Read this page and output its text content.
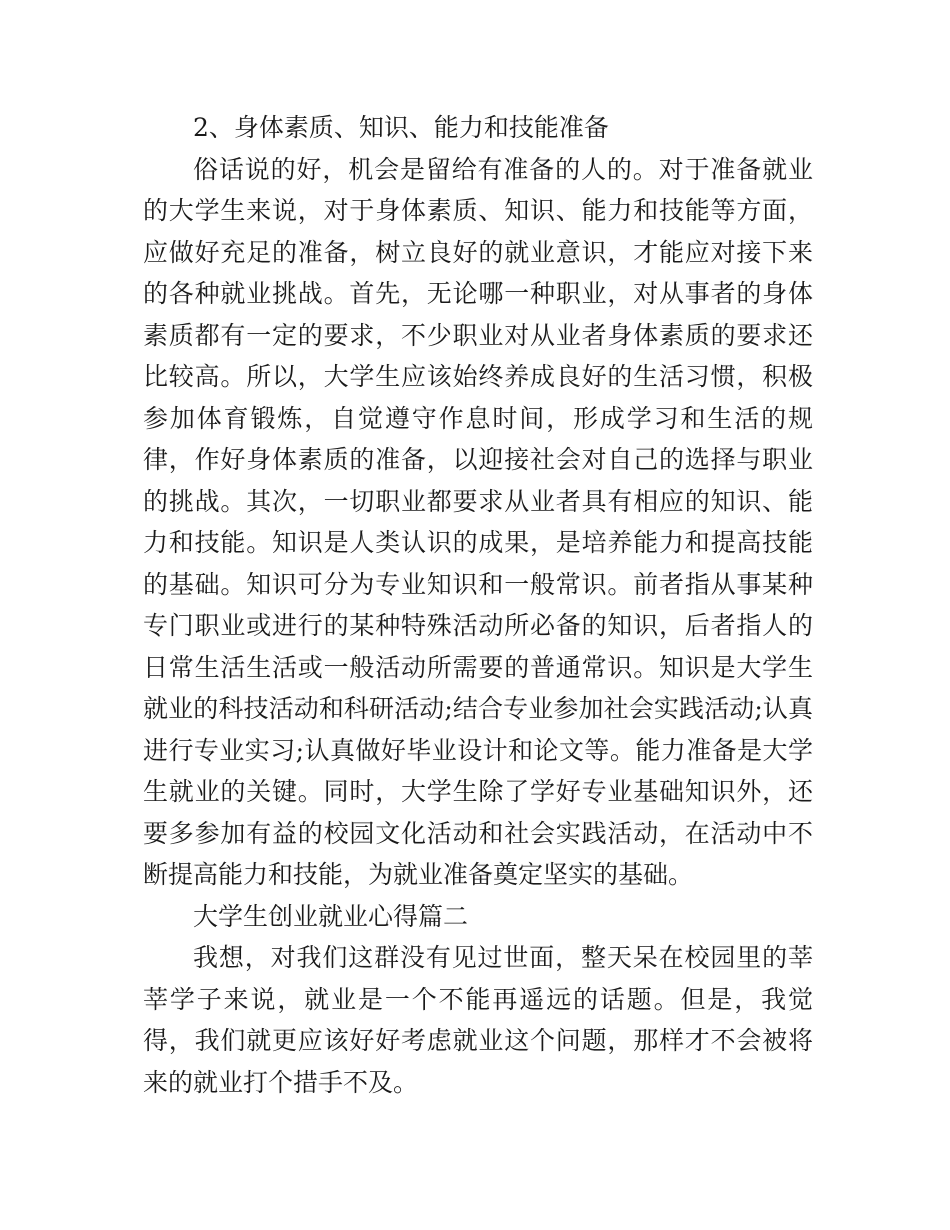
2、身体素质、知识、能力和技能准备

俗话说的好，机会是留给有准备的人的。对于准备就业的大学生来说，对于身体素质、知识、能力和技能等方面，应做好充足的准备，树立良好的就业意识，才能应对接下来的各种就业挑战。首先，无论哪一种职业，对从事者的身体素质都有一定的要求，不少职业对从业者身体素质的要求还比较高。所以，大学生应该始终养成良好的生活习惯，积极参加体育锻炼，自觉遵守作息时间，形成学习和生活的规律，作好身体素质的准备，以迎接社会对自己的选择与职业的挑战。其次，一切职业都要求从业者具有相应的知识、能力和技能。知识是人类认识的成果，是培养能力和提高技能的基础。知识可分为专业知识和一般常识。前者指从事某种专门职业或进行的某种特殊活动所必备的知识，后者指人的日常生活生活或一般活动所需要的普通常识。知识是大学生就业的科技活动和科研活动;结合专业参加社会实践活动;认真进行专业实习;认真做好毕业设计和论文等。能力准备是大学生就业的关键。同时，大学生除了学好专业基础知识外，还要多参加有益的校园文化活动和社会实践活动，在活动中不断提高能力和技能，为就业准备奠定坚实的基础。

大学生创业就业心得篇二

我想，对我们这群没有见过世面，整天呆在校园里的莘莘学子来说，就业是一个不能再遥远的话题。但是，我觉得，我们就更应该好好考虑就业这个问题，那样才不会被将来的就业打个措手不及。
